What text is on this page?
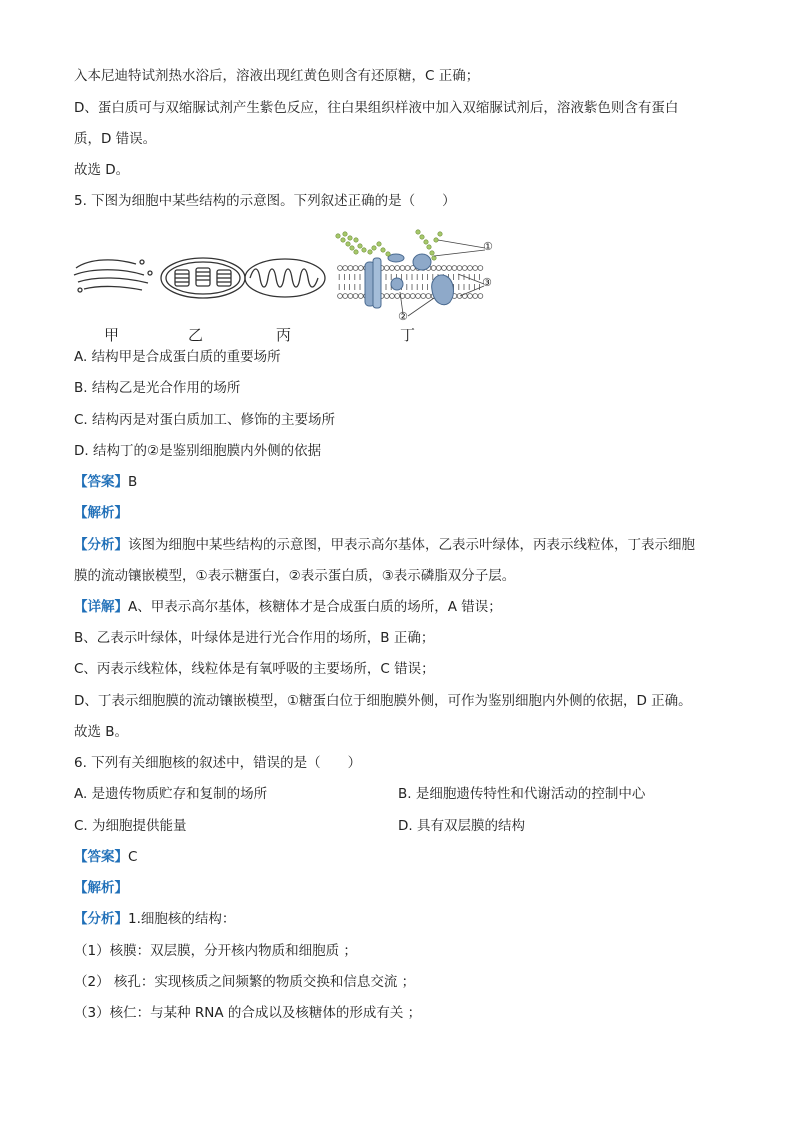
入本尼迪特试剂热水浴后，溶液出现红黄色则含有还原糖，C 正确；
D、蛋白质可与双缩脲试剂产生紫色反应，往白果组织样液中加入双缩脲试剂后，溶液紫色则含有蛋白
质，D 错误。
故选 D。
5. 下图为细胞中某些结构的示意图。下列叙述正确的是（　　）
①
③
②
甲	乙	丙	丁
A. 结构甲是合成蛋白质的重要场所
B. 结构乙是光合作用的场所
C. 结构丙是对蛋白质加工、修饰的主要场所
D. 结构丁的②是鉴别细胞膜内外侧的依据
【答案】B
【解析】
【分析】该图为细胞中某些结构的示意图，甲表示高尔基体，乙表示叶绿体，丙表示线粒体，丁表示细胞
膜的流动镶嵌模型，①表示糖蛋白，②表示蛋白质，③表示磷脂双分子层。
【详解】A、甲表示高尔基体，核糖体才是合成蛋白质的场所，A 错误；
B、乙表示叶绿体，叶绿体是进行光合作用的场所，B 正确；
C、丙表示线粒体，线粒体是有氧呼吸的主要场所，C 错误；
D、丁表示细胞膜的流动镶嵌模型，①糖蛋白位于细胞膜外侧，可作为鉴别细胞内外侧的依据，D 正确。
故选 B。
6. 下列有关细胞核的叙述中，错误的是（　　）
A. 是遗传物质贮存和复制的场所	B. 是细胞遗传特性和代谢活动的控制中心
C. 为细胞提供能量	D. 具有双层膜的结构
【答案】C
【解析】
【分析】1.细胞核的结构：
（1）核膜：双层膜，分开核内物质和细胞质 ；
（2） 核孔：实现核质之间频繁的物质交换和信息交流 ；
（3）核仁：与某种 RNA 的合成以及核糖体的形成有关 ；
